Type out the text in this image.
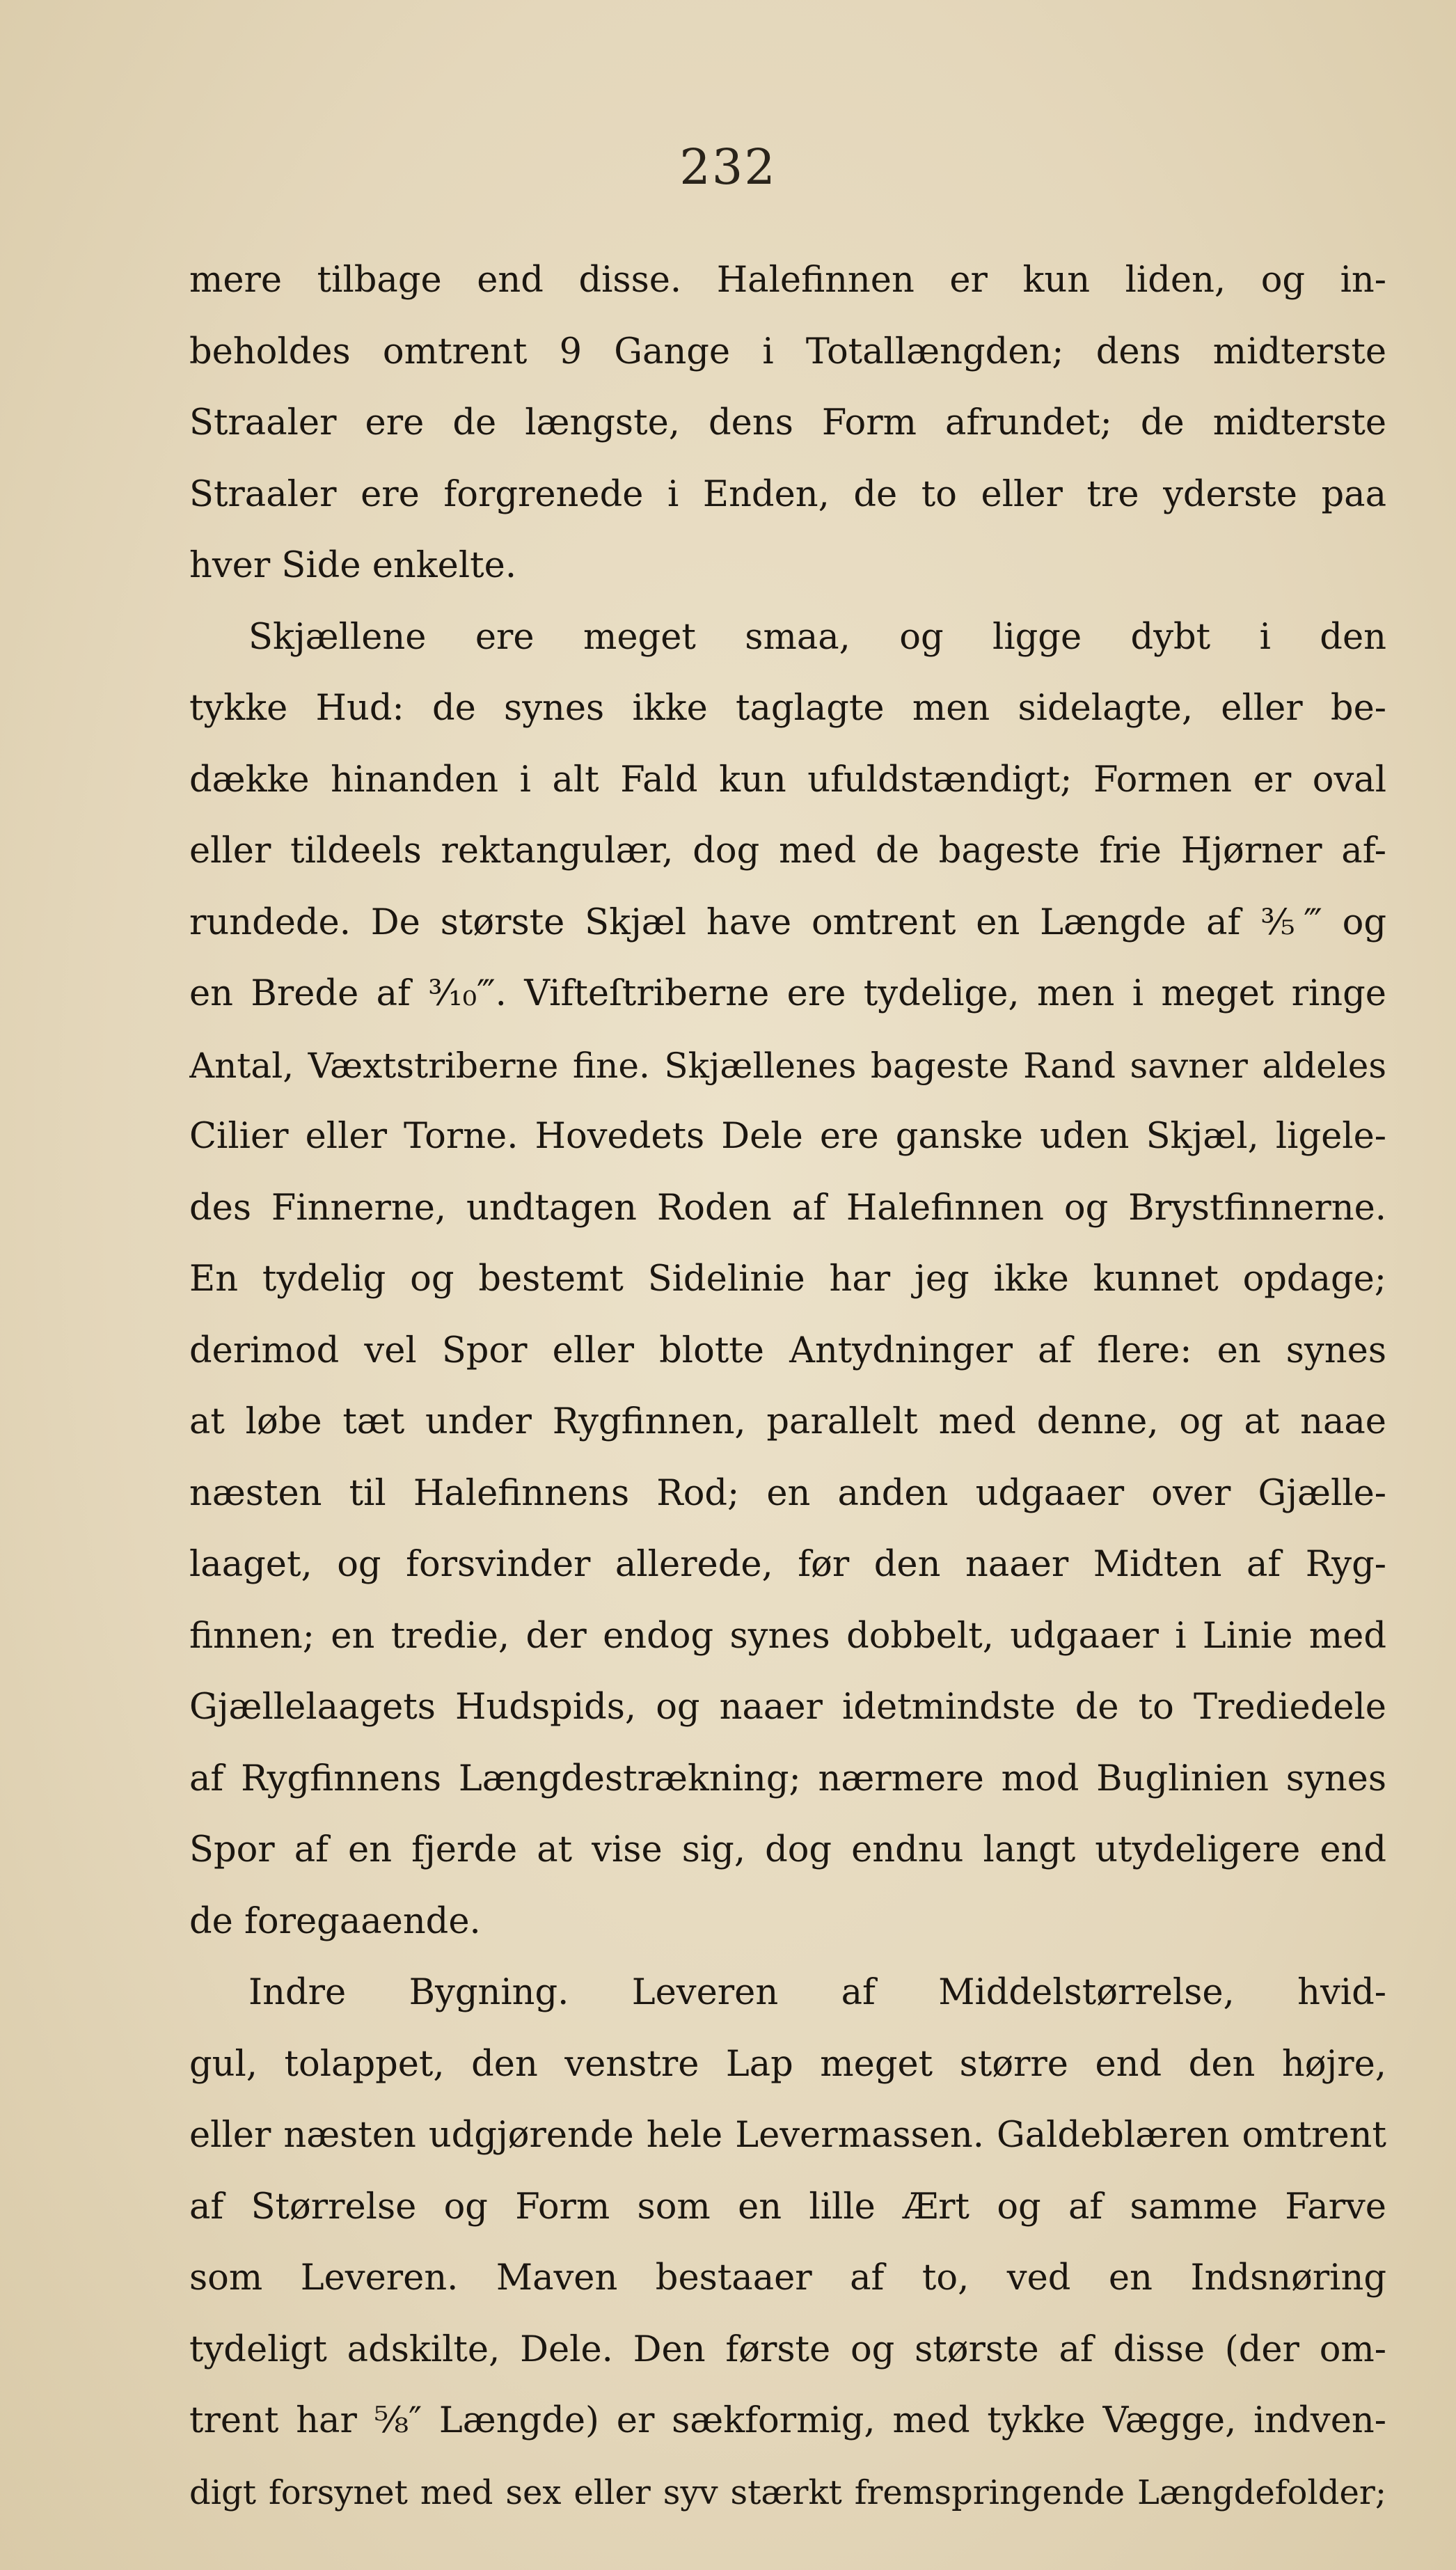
232
mere tilbage end disse. Halefinnen er kun liden, og in-
beholdes omtrent 9 Gange i Totallængden; dens midterste
Straaler ere de længste, dens Form afrundet; de midterste
Straaler ere forgrenede i Enden, de to eller tre yderste paa
hver Side enkelte.
Skjællene ere meget smaa, og ligge dybt i den
tykke Hud: de synes ikke taglagte men sidelagte, eller be-
dække hinanden i alt Fald kun ufuldstændigt; Formen er oval
eller tildeels rektangulær, dog med de bageste frie Hjørner af-
rundede. De største Skjæl have omtrent en Længde af ⅗‴ og
en Brede af ³⁄₁₀‴. Vifteſtriberne ere tydelige, men i meget ringe
Antal, Væxtstriberne fine. Skjællenes bageste Rand savner aldeles
Cilier eller Torne. Hovedets Dele ere ganske uden Skjæl, ligele-
des Finnerne, undtagen Roden af Halefinnen og Brystfinnerne.
En tydelig og bestemt Sidelinie har jeg ikke kunnet opdage;
derimod vel Spor eller blotte Antydninger af flere: en synes
at løbe tæt under Rygfinnen, parallelt med denne, og at naae
næsten til Halefinnens Rod; en anden udgaaer over Gjælle-
laaget, og forsvinder allerede, før den naaer Midten af Ryg-
finnen; en tredie, der endog synes dobbelt, udgaaer i Linie med
Gjællelaagets Hudspids, og naaer idetmindste de to Trediedele
af Rygfinnens Længdestrækning; nærmere mod Buglinien synes
Spor af en fjerde at vise sig, dog endnu langt utydeligere end
de foregaaende.
Indre Bygning. Leveren af Middelstørrelse, hvid-
gul, tolappet, den venstre Lap meget større end den højre,
eller næsten udgjørende hele Levermassen. Galdeblæren omtrent
af Størrelse og Form som en lille Ært og af samme Farve
som Leveren. Maven bestaaer af to, ved en Indsnøring
tydeligt adskilte, Dele. Den første og største af disse (der om-
trent har ⅝″ Længde) er sækformig, med tykke Vægge, indven-
digt forsynet med sex eller syv stærkt fremspringende Længdefolder;
